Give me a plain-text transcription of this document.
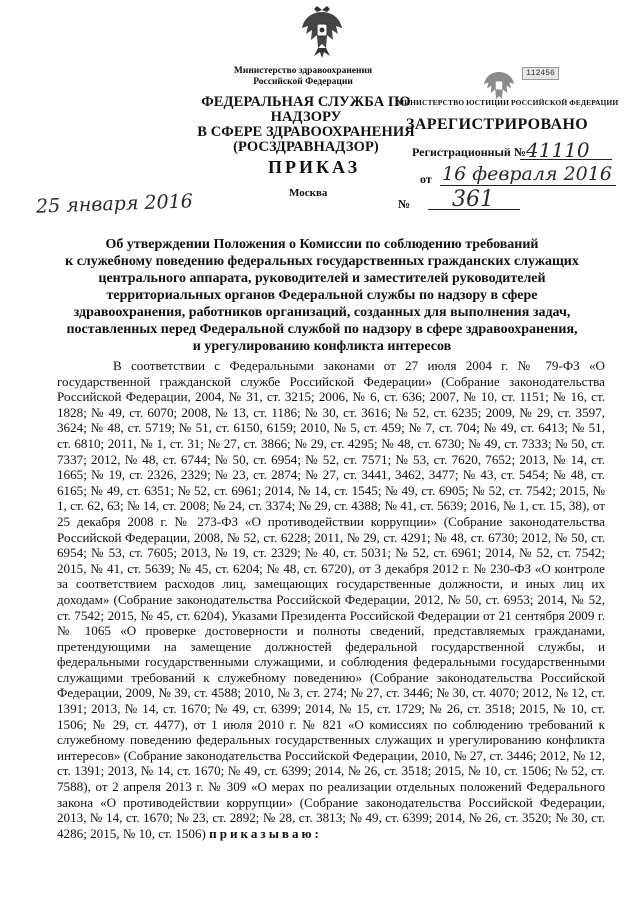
Министерство здравоохранения
Российской Федерации
ФЕДЕРАЛЬНАЯ СЛУЖБА ПО НАДЗОРУ
В СФЕРЕ ЗДРАВООХРАНЕНИЯ
(РОСЗДРАВНАДЗОР)
112456
МИНИСТЕРСТВО ЮСТИЦИИ РОССИЙСКОЙ ФЕДЕРАЦИИ
ЗАРЕГИСТРИРОВАНО
Регистрационный № 41110
от 16 февраля 2016
ПРИКАЗ
Москва
25 января 2016	№ 361
Об утверждении Положения о Комиссии по соблюдению требований
к служебному поведению федеральных государственных гражданских служащих
центрального аппарата, руководителей и заместителей руководителей
территориальных органов Федеральной службы по надзору в сфере
здравоохранения, работников организаций, созданных для выполнения задач,
поставленных перед Федеральной службой по надзору в сфере здравоохранения,
и урегулированию конфликта интересов
В соответствии с Федеральными законами от 27 июля 2004 г. № 79-ФЗ «О государственной гражданской службе Российской Федерации» (Собрание законодательства Российской Федерации, 2004, № 31, ст. 3215; 2006, № 6, ст. 636; 2007, № 10, ст. 1151; № 16, ст. 1828; № 49, ст. 6070; 2008, № 13, ст. 1186; № 30, ст. 3616; № 52, ст. 6235; 2009, № 29, ст. 3597, 3624; № 48, ст. 5719; № 51, ст. 6150, 6159; 2010, № 5, ст. 459; № 7, ст. 704; № 49, ст. 6413; № 51, ст. 6810; 2011, № 1, ст. 31; № 27, ст. 3866; № 29, ст. 4295; № 48, ст. 6730; № 49, ст. 7333; № 50, ст. 7337; 2012, № 48, ст. 6744; № 50, ст. 6954; № 52, ст. 7571; № 53, ст. 7620, 7652; 2013, № 14, ст. 1665; № 19, ст. 2326, 2329; № 23, ст. 2874; № 27, ст. 3441, 3462, 3477; № 43, ст. 5454; № 48, ст. 6165; № 49, ст. 6351; № 52, ст. 6961; 2014, № 14, ст. 1545; № 49, ст. 6905; № 52, ст. 7542; 2015, № 1, ст. 62, 63; № 14, ст. 2008; № 24, ст. 3374; № 29, ст. 4388; № 41, ст. 5639; 2016, № 1, ст. 15, 38), от 25 декабря 2008 г. № 273-ФЗ «О противодействии коррупции» (Собрание законодательства Российской Федерации, 2008, № 52, ст. 6228; 2011, № 29, ст. 4291; № 48, ст. 6730; 2012, № 50, ст. 6954; № 53, ст. 7605; 2013, № 19, ст. 2329; № 40, ст. 5031; № 52, ст. 6961; 2014, № 52, ст. 7542; 2015, № 41, ст. 5639; № 45, ст. 6204; № 48, ст. 6720), от 3 декабря 2012 г. № 230-ФЗ «О контроле за соответствием расходов лиц, замещающих государственные должности, и иных лиц их доходам» (Собрание законодательства Российской Федерации, 2012, № 50, ст. 6953; 2014, № 52, ст. 7542; 2015, № 45, ст. 6204), Указами Президента Российской Федерации от 21 сентября 2009 г. № 1065 «О проверке достоверности и полноты сведений, представляемых гражданами, претендующими на замещение должностей федеральной государственной службы, и федеральными государственными служащими, и соблюдения федеральными государственными служащими требований к служебному поведению» (Собрание законодательства Российской Федерации, 2009, № 39, ст. 4588; 2010, № 3, ст. 274; № 27, ст. 3446; № 30, ст. 4070; 2012, № 12, ст. 1391; 2013, № 14, ст. 1670; № 49, ст. 6399; 2014, № 15, ст. 1729; № 26, ст. 3518; 2015, № 10, ст. 1506; № 29, ст. 4477), от 1 июля 2010 г. № 821 «О комиссиях по соблюдению требований к служебному поведению федеральных государственных служащих и урегулированию конфликта интересов» (Собрание законодательства Российской Федерации, 2010, № 27, ст. 3446; 2012, № 12, ст. 1391; 2013, № 14, ст. 1670; № 49, ст. 6399; 2014, № 26, ст. 3518; 2015, № 10, ст. 1506; № 52, ст. 7588), от 2 апреля 2013 г. № 309 «О мерах по реализации отдельных положений Федерального закона «О противодействии коррупции» (Собрание законодательства Российской Федерации, 2013, № 14, ст. 1670; № 23, ст. 2892; № 28, ст. 3813; № 49, ст. 6399; 2014, № 26, ст. 3520; № 30, ст. 4286; 2015, № 10, ст. 1506) приказываю:
